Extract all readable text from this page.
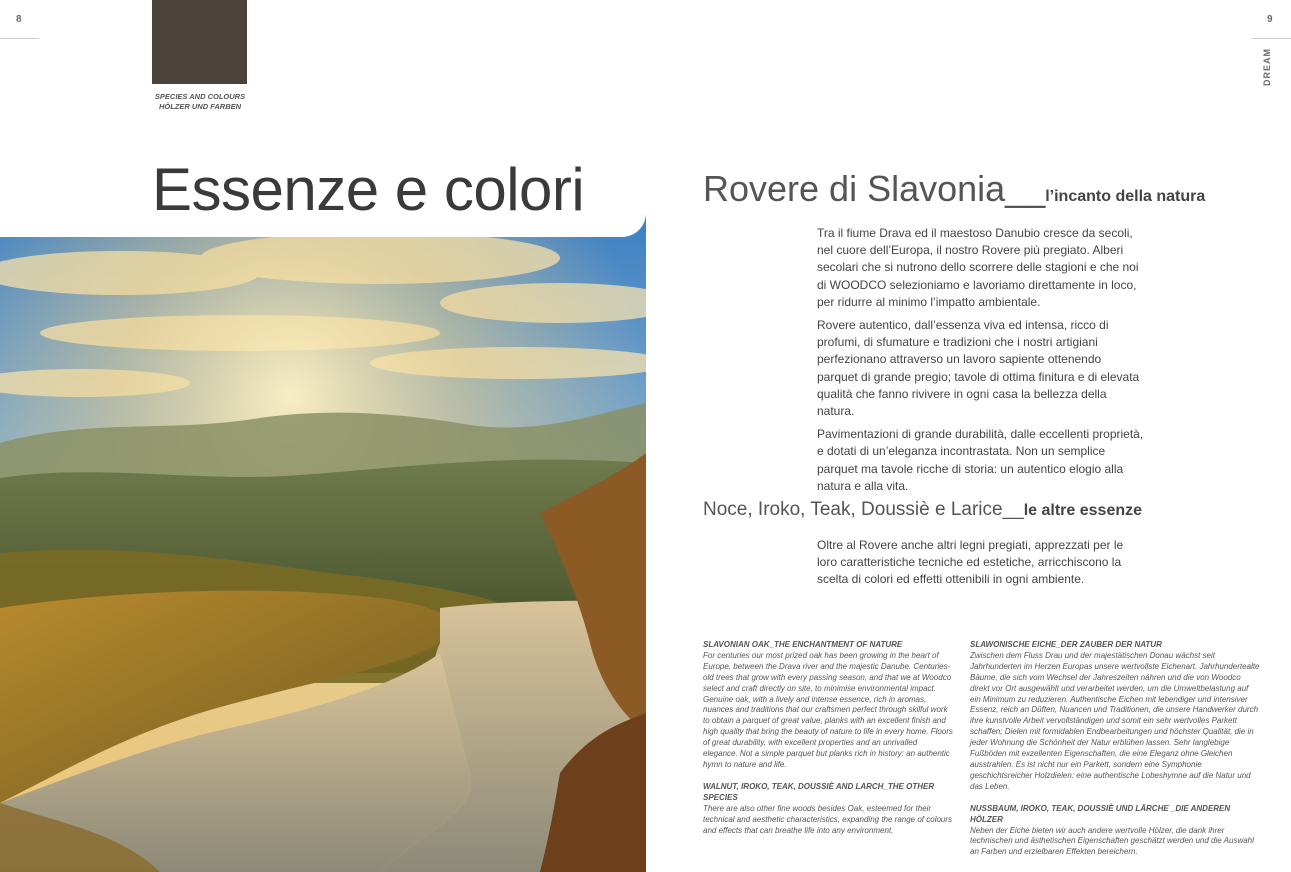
8	9
DREAM
SPECIES AND COLOURS
HÖLZER UND FARBEN
Essenze e colori	Rovere di Slavonia__l’incanto della natura

Tra il fiume Drava ed il maestoso Danubio cresce da secoli, nel cuore dell’Europa, il nostro Rovere più pregiato. Alberi secolari che si nutrono dello scorrere delle stagioni e che noi di WOODCO selezioniamo e lavoriamo direttamente in loco, per ridurre al minimo l’impatto ambientale.

Rovere autentico, dall’essenza viva ed intensa, ricco di profumi, di sfumature e tradizioni che i nostri artigiani perfezionano attraverso un lavoro sapiente ottenendo parquet di grande pregio; tavole di ottima finitura e di elevata qualità che fanno rivivere in ogni casa la bellezza della natura.

Pavimentazioni di grande durabilità, dalle eccellenti proprietà, e dotati di un’eleganza incontrastata. Non un semplice parquet ma tavole ricche di storia: un autentico elogio alla natura e alla vita.

Noce, Iroko, Teak, Doussiè e Larice__le altre essenze

Oltre al Rovere anche altri legni pregiati, apprezzati per le loro caratteristiche tecniche ed estetiche, arricchiscono la scelta di colori ed effetti ottenibili in ogni ambiente.

SLAVONIAN OAK_THE ENCHANTMENT OF NATURE

For centuries our most prized oak has been growing in the heart of Europe, between the Drava river and the majestic Danube. Centuries-old trees that grow with every passing season, and that we at Woodco select and craft directly on site, to minimise environmental impact. Genuine oak, with a lively and intense essence, rich in aromas, nuances and traditions that our craftsmen perfect through skilful work to obtain a parquet of great value, planks with an excellent finish and high quality that bring the beauty of nature to life in every home. Floors of great durability, with excellent properties and an unrivalled elegance. Not a simple parquet but planks rich in history: an authentic hymn to nature and life.

WALNUT, IROKO, TEAK, DOUSSIÈ AND LARCH_THE OTHER SPECIES

There are also other fine woods besides Oak, esteemed for their technical and aesthetic characteristics, expanding the range of colours and effects that can breathe life into any environment.

SLAWONISCHE EICHE_DER ZAUBER DER NATUR

Zwischen dem Fluss Drau und der majestätischen Donau wächst seit Jahrhunderten im Herzen Europas unsere wertvollste Eichenart. Jahrhundertealte Bäume, die sich vom Wechsel der Jahreszeiten nähren und die von Woodco direkt vor Ort ausgewählt und verarbeitet werden, um die Umweltbelastung auf ein Minimum zu reduzieren. Authentische Eichen mit lebendiger und intensiver Essenz, reich an Düften, Nuancen und Traditionen, die unsere Handwerker durch ihre kunstvolle Arbeit vervollständigen und somit ein sehr wertvolles Parkett schaffen; Dielen mit formidablen Endbearbeitungen und höchster Qualität, die in jeder Wohnung die Schönheit der Natur erblühen lassen. Sehr langlebige Fußböden mit exzellenten Eigenschaften, die eine Eleganz ohne Gleichen ausstrahlen. Es ist nicht nur ein Parkett, sondern eine Symphonie geschichtsreicher Holzdielen: eine authentische Lobeshymne auf die Natur und das Leben.

NUSSBAUM, IROKO, TEAK, DOUSSIÈ UND LÄRCHE _DIE ANDEREN HÖLZER

Neben der Eiche bieten wir auch andere wertvolle Hölzer, die dank ihrer technischen und ästhetischen Eigenschaften geschätzt werden und die Auswahl an Farben und erzielbaren Effekten bereichern.
